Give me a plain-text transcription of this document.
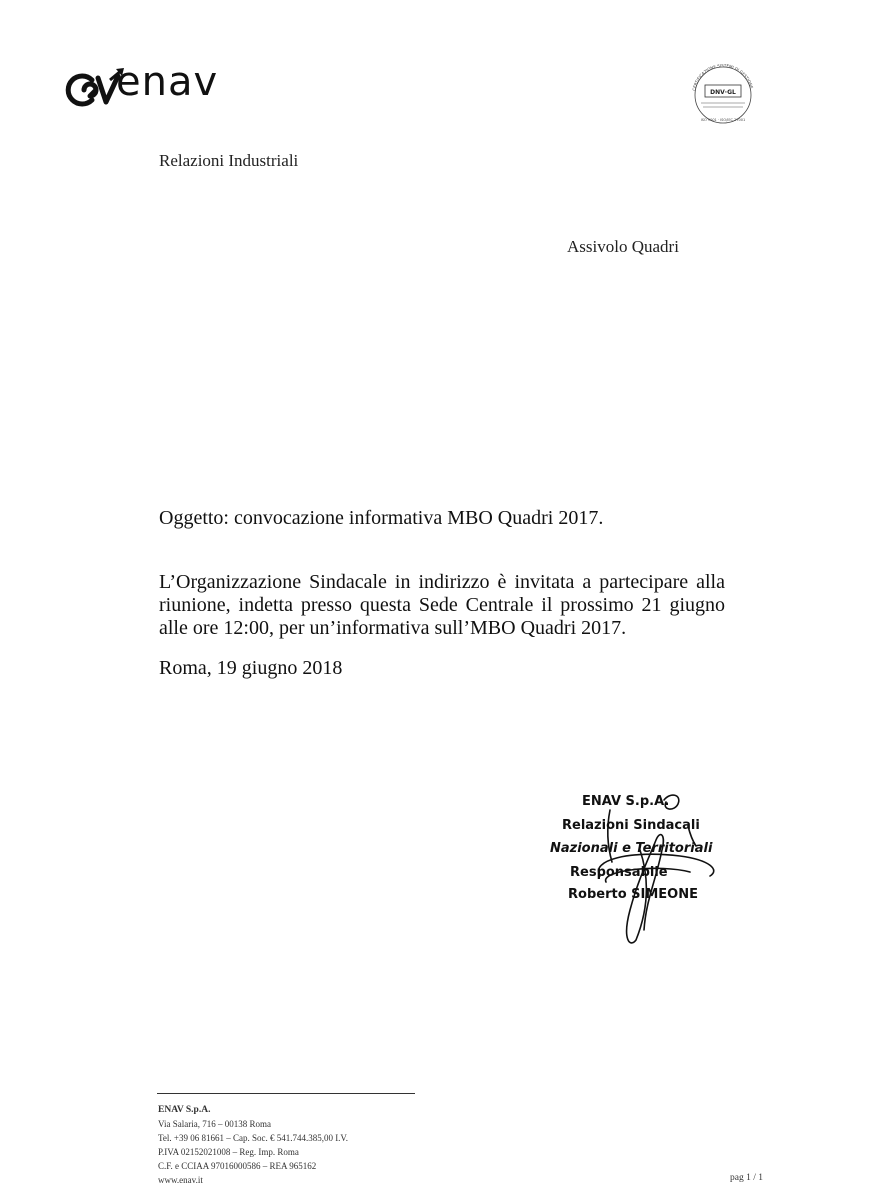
enav	CERTIFICAZIONE SISTEMI DI GESTIONE
DNV·GL
ISO 9001 · ISO/IEC 27001
Relazioni Industriali
Assivolo Quadri
Oggetto: convocazione informativa MBO Quadri 2017.
L’Organizzazione Sindacale in indirizzo è invitata a partecipare alla riunione, indetta presso questa Sede Centrale il prossimo 21 giugno alle ore 12:00, per un’informativa sull’MBO Quadri 2017.
Roma, 19 giugno 2018
ENAV S.p.A.
Relazioni Sindacali
Nazionali e Territoriali
Responsabile
Roberto SIMEONE
ENAV S.p.A.
Via Salaria, 716 – 00138 Roma
Tel. +39 06 81661 – Cap. Soc. € 541.744.385,00 I.V.
P.IVA 02152021008 – Reg. Imp. Roma
C.F. e CCIAA 97016000586 – REA 965162
www.enav.it	pag 1 / 1
